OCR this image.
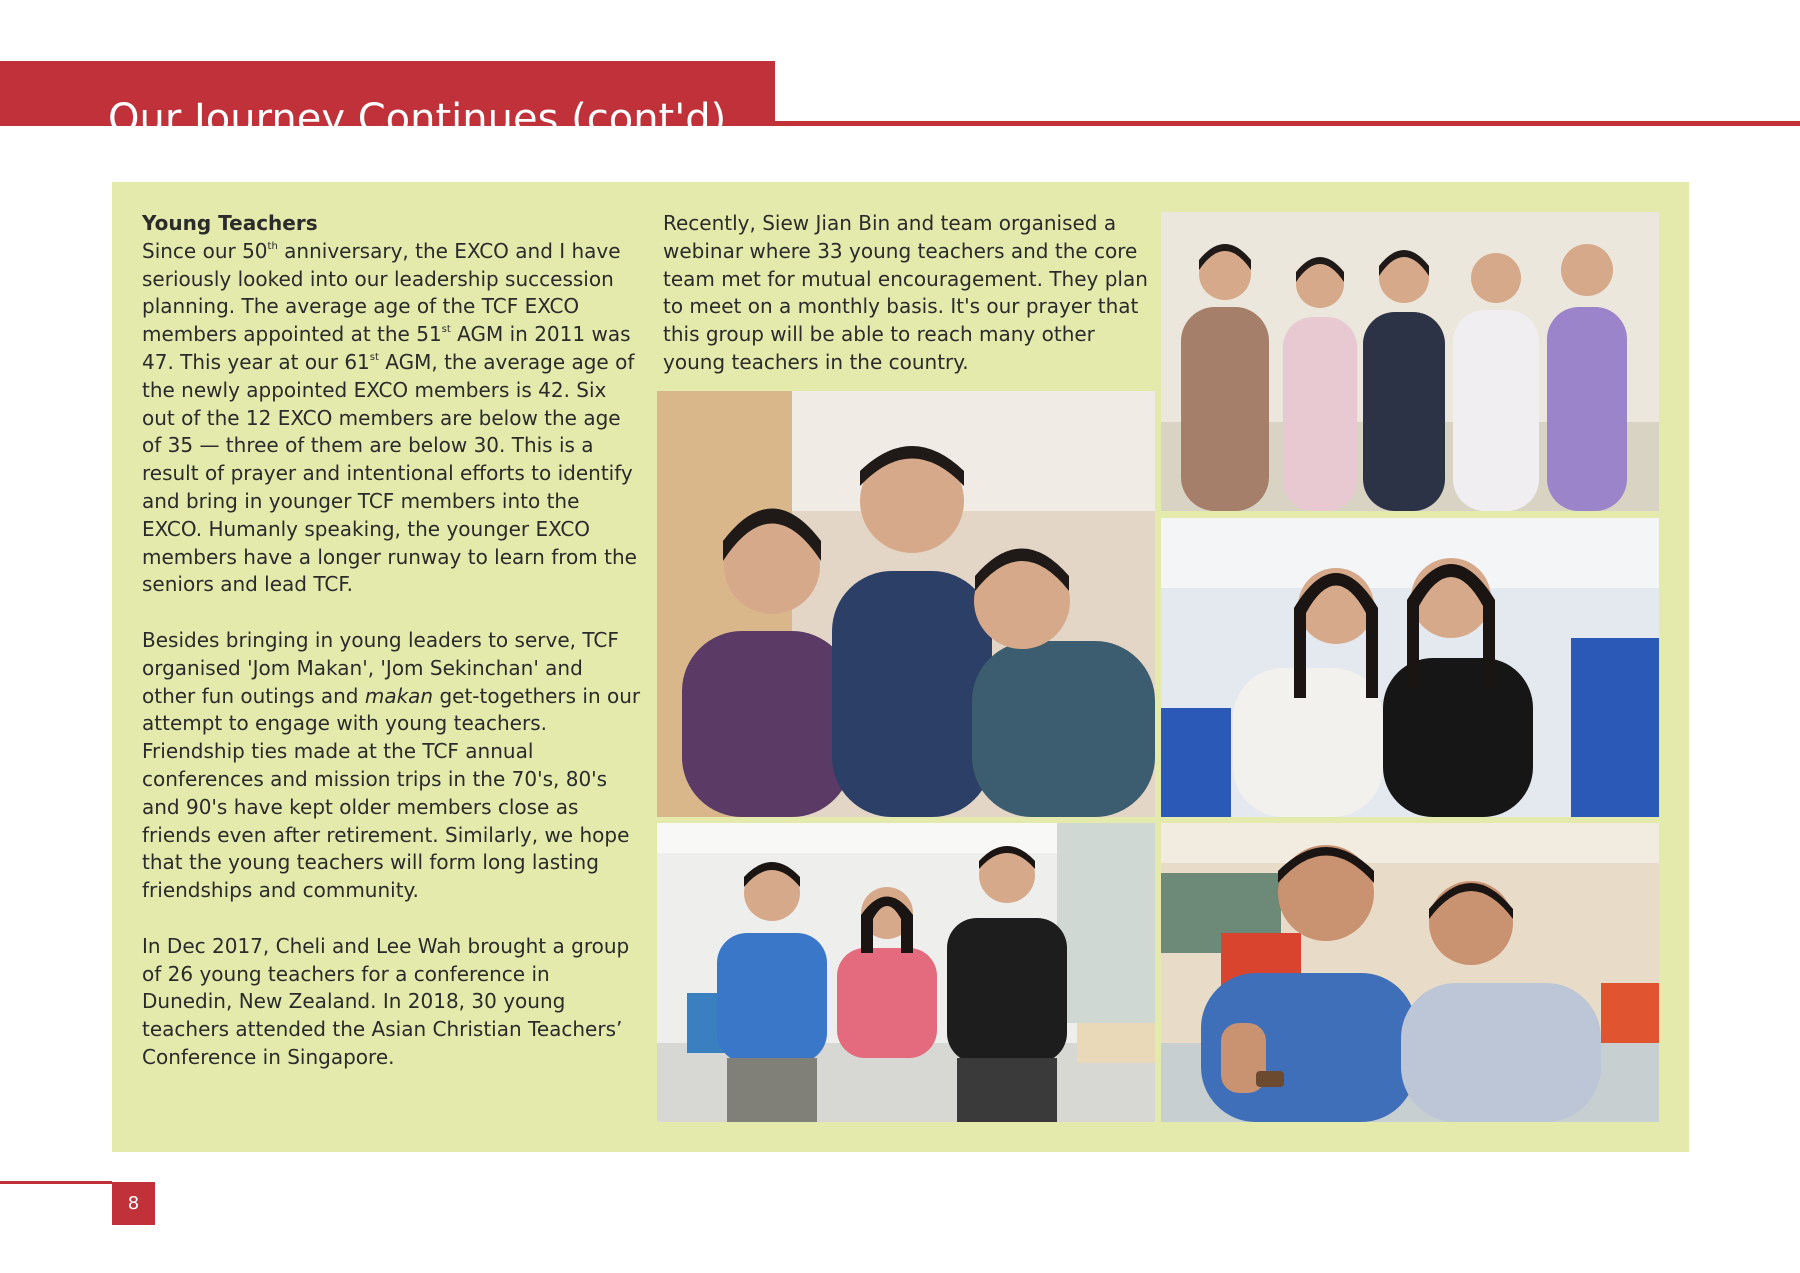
Our Journey Continues (cont'd)

Young Teachers
Since our 50th anniversary, the EXCO and I have seriously looked into our leadership succession planning. The average age of the TCF EXCO members appointed at the 51st AGM in 2011 was 47. This year at our 61st AGM, the average age of the newly appointed EXCO members is 42. Six out of the 12 EXCO members are below the age of 35 — three of them are below 30. This is a result of prayer and intentional efforts to identify and bring in younger TCF members into the EXCO. Humanly speaking, the younger EXCO members have a longer runway to learn from the seniors and lead TCF.

Besides bringing in young leaders to serve, TCF organised 'Jom Makan', 'Jom Sekinchan' and other fun outings and makan get-togethers in our attempt to engage with young teachers. Friendship ties made at the TCF annual conferences and mission trips in the 70's, 80's and 90's have kept older members close as friends even after retirement. Similarly, we hope that the young teachers will form long lasting friendships and community.

In Dec 2017, Cheli and Lee Wah brought a group of 26 young teachers for a conference in Dunedin, New Zealand. In 2018, 30 young teachers attended the Asian Christian Teachers’ Conference in Singapore.

Recently, Siew Jian Bin and team organised a webinar where 33 young teachers and the core team met for mutual encouragement. They plan to meet on a monthly basis. It's our prayer that this group will be able to reach many other young teachers in the country.

8
